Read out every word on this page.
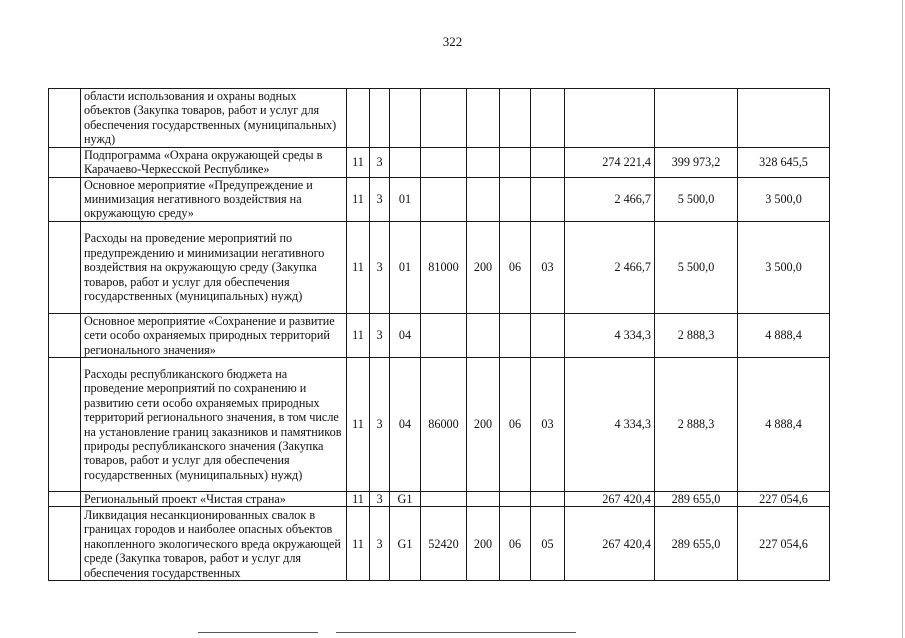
322
	области использования и охраны водных объектов (Закупка товаров, работ и услуг для обеспечения государственных (муниципальных) нужд)										
	Подпрограмма «Охрана окружающей среды в Карачаево-Черкесской Республике»	11	3						274 221,4	399 973,2	328 645,5
	Основное мероприятие «Предупреждение и минимизация негативного воздействия на окружающую среду»	11	3	01					2 466,7	5 500,0	3 500,0
	Расходы на проведение мероприятий по предупреждению и минимизации негативного воздействия на окружающую среду (Закупка товаров, работ и услуг для обеспечения государственных (муниципальных) нужд)	11	3	01	81000	200	06	03	2 466,7	5 500,0	3 500,0
	Основное мероприятие «Сохранение и развитие сети особо охраняемых природных территорий регионального значения»	11	3	04					4 334,3	2 888,3	4 888,4
	Расходы республиканского бюджета на проведение мероприятий по сохранению и развитию сети особо охраняемых природных территорий регионального значения, в том числе на установление границ заказников и памятников природы республиканского значения (Закупка товаров, работ и услуг для обеспечения государственных (муниципальных) нужд)	11	3	04	86000	200	06	03	4 334,3	2 888,3	4 888,4
	Региональный проект «Чистая страна»	11	3	G1					267 420,4	289 655,0	227 054,6
	Ликвидация несанкционированных свалок в границах городов и наиболее опасных объектов накопленного экологического вреда окружающей среде (Закупка товаров, работ и услуг для обеспечения государственных	11	3	G1	52420	200	06	05	267 420,4	289 655,0	227 054,6
